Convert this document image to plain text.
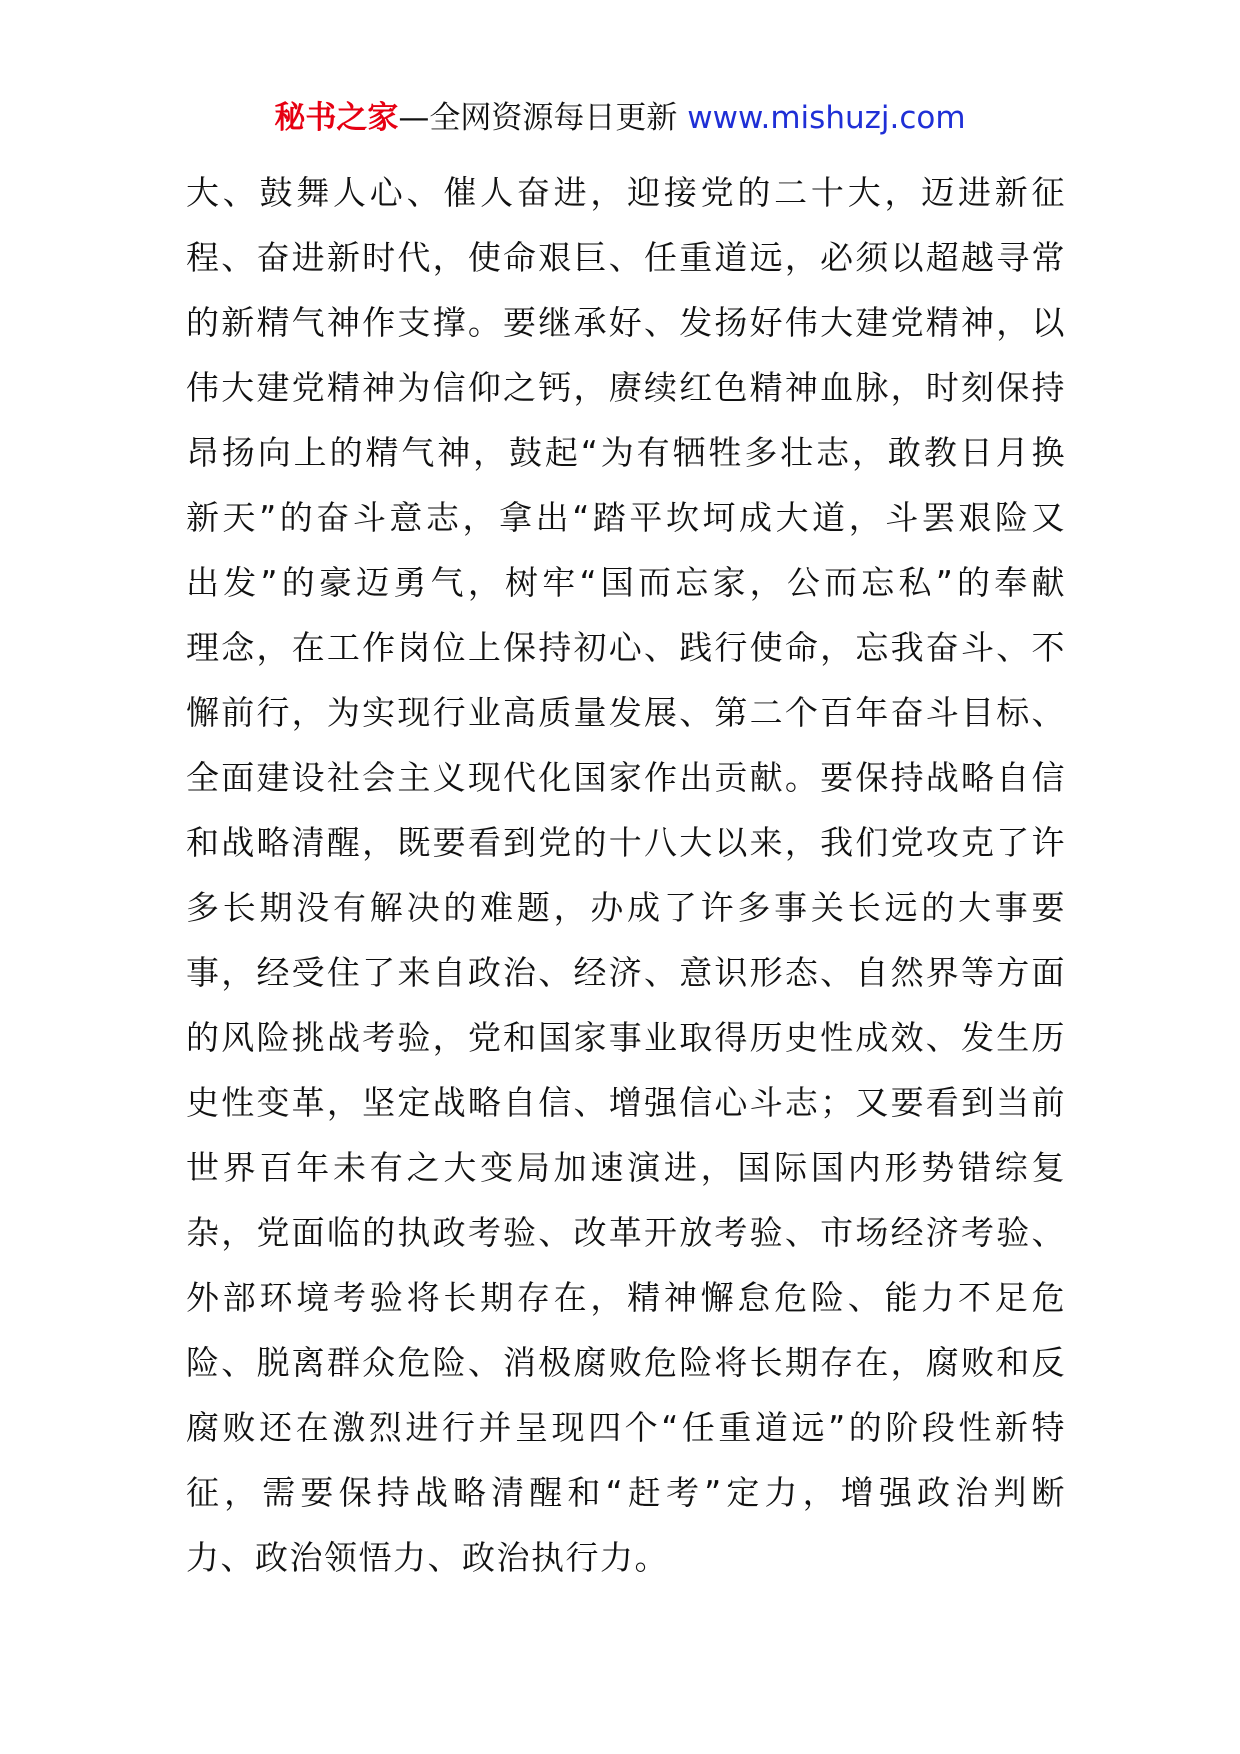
秘书之家—全网资源每日更新 www.mishuzj.com
大、鼓舞人心、催人奋进，迎接党的二十大，迈进新征
程、奋进新时代，使命艰巨、任重道远，必须以超越寻常
的新精气神作支撑。要继承好、发扬好伟大建党精神，以
伟大建党精神为信仰之钙，赓续红色精神血脉，时刻保持
昂扬向上的精气神，鼓起“为有牺牲多壮志，敢教日月换
新天”的奋斗意志，拿出“踏平坎坷成大道，斗罢艰险又
出发”的豪迈勇气，树牢“国而忘家，公而忘私”的奉献
理念，在工作岗位上保持初心、践行使命，忘我奋斗、不
懈前行，为实现行业高质量发展、第二个百年奋斗目标、
全面建设社会主义现代化国家作出贡献。要保持战略自信
和战略清醒，既要看到党的十八大以来，我们党攻克了许
多长期没有解决的难题，办成了许多事关长远的大事要
事，经受住了来自政治、经济、意识形态、自然界等方面
的风险挑战考验，党和国家事业取得历史性成效、发生历
史性变革，坚定战略自信、增强信心斗志；又要看到当前
世界百年未有之大变局加速演进，国际国内形势错综复
杂，党面临的执政考验、改革开放考验、市场经济考验、
外部环境考验将长期存在，精神懈怠危险、能力不足危
险、脱离群众危险、消极腐败危险将长期存在，腐败和反
腐败还在激烈进行并呈现四个“任重道远”的阶段性新特
征，需要保持战略清醒和“赶考”定力，增强政治判断
力、政治领悟力、政治执行力。
